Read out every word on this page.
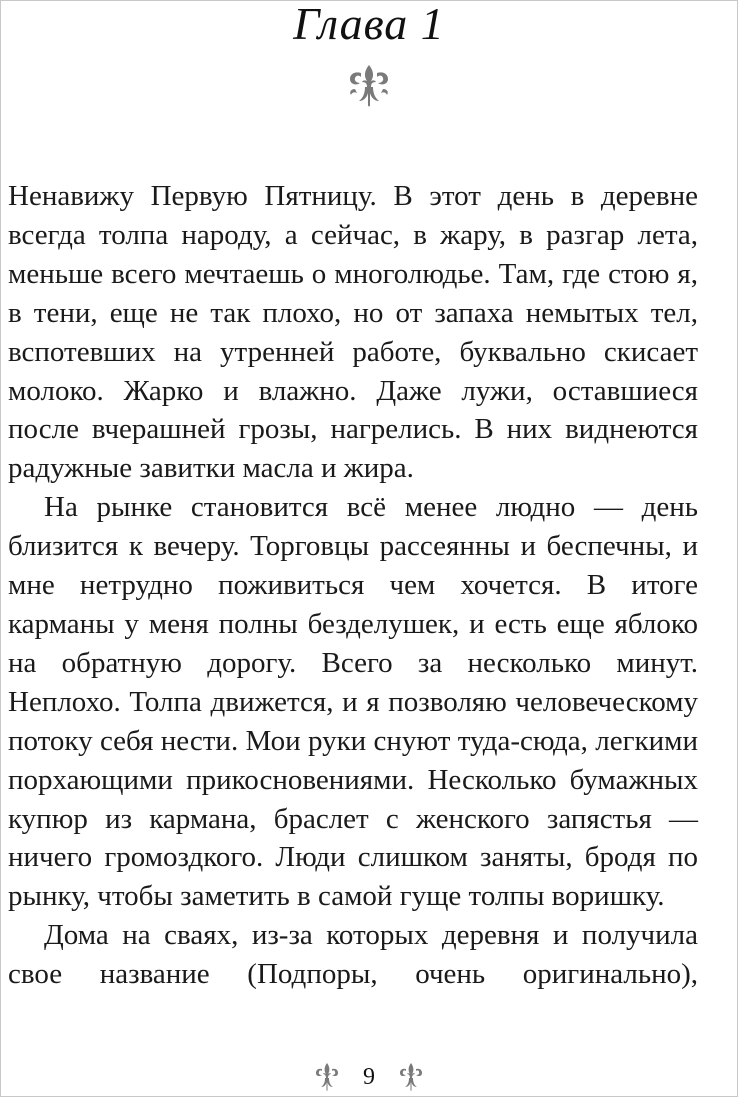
Глава 1

Ненавижу Первую Пятницу. В этот день в деревне всегда толпа народу, а сейчас, в жару, в разгар лета, меньше всего мечтаешь о многолюдье. Там, где стою я, в тени, еще не так плохо, но от запаха немытых тел, вспотевших на утренней работе, буквально скисает молоко. Жарко и влажно. Даже лужи, оставшиеся после вчерашней грозы, нагрелись. В них виднеются радужные завитки масла и жира.

На рынке становится всё менее людно — день близится к вечеру. Торговцы рассеянны и беспечны, и мне нетрудно поживиться чем хочется. В итоге карманы у меня полны безделушек, и есть еще яблоко на обратную дорогу. Всего за несколько минут. Неплохо. Толпа движется, и я позволяю человеческому потоку себя нести. Мои руки снуют туда-сюда, легкими порхающими прикосновениями. Несколько бумажных купюр из кармана, браслет с женского запястья — ничего громоздкого. Люди слишком заняты, бродя по рынку, чтобы заметить в самой гуще толпы воришку.

Дома на сваях, из-за которых деревня и получила свое название (Подпоры, очень оригинально),

9
